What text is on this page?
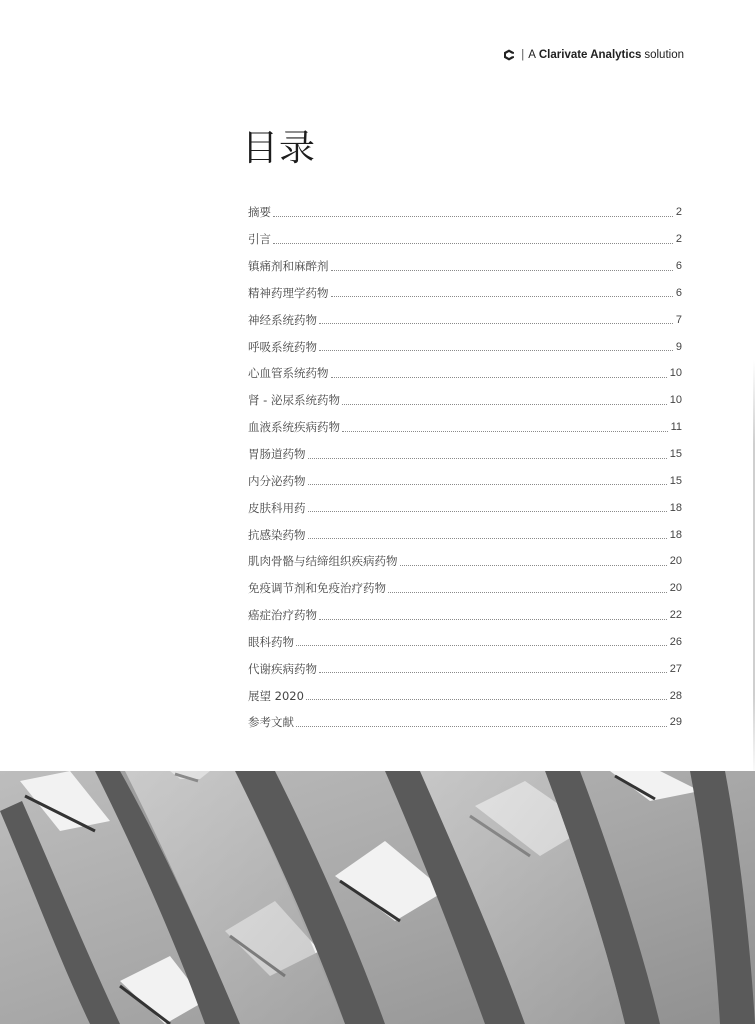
| A Clarivate Analytics solution
目录
摘要	2
引言	2
镇痛剂和麻醉剂	6
精神药理学药物	6
神经系统药物	7
呼吸系统药物	9
心血管系统药物	10
肾 - 泌尿系统药物	10
血液系统疾病药物	11
胃肠道药物	15
内分泌药物	15
皮肤科用药	18
抗感染药物	18
肌肉骨骼与结缔组织疾病药物	20
免疫调节剂和免疫治疗药物	20
癌症治疗药物	22
眼科药物	26
代谢疾病药物	27
展望 2020	28
参考文献	29
